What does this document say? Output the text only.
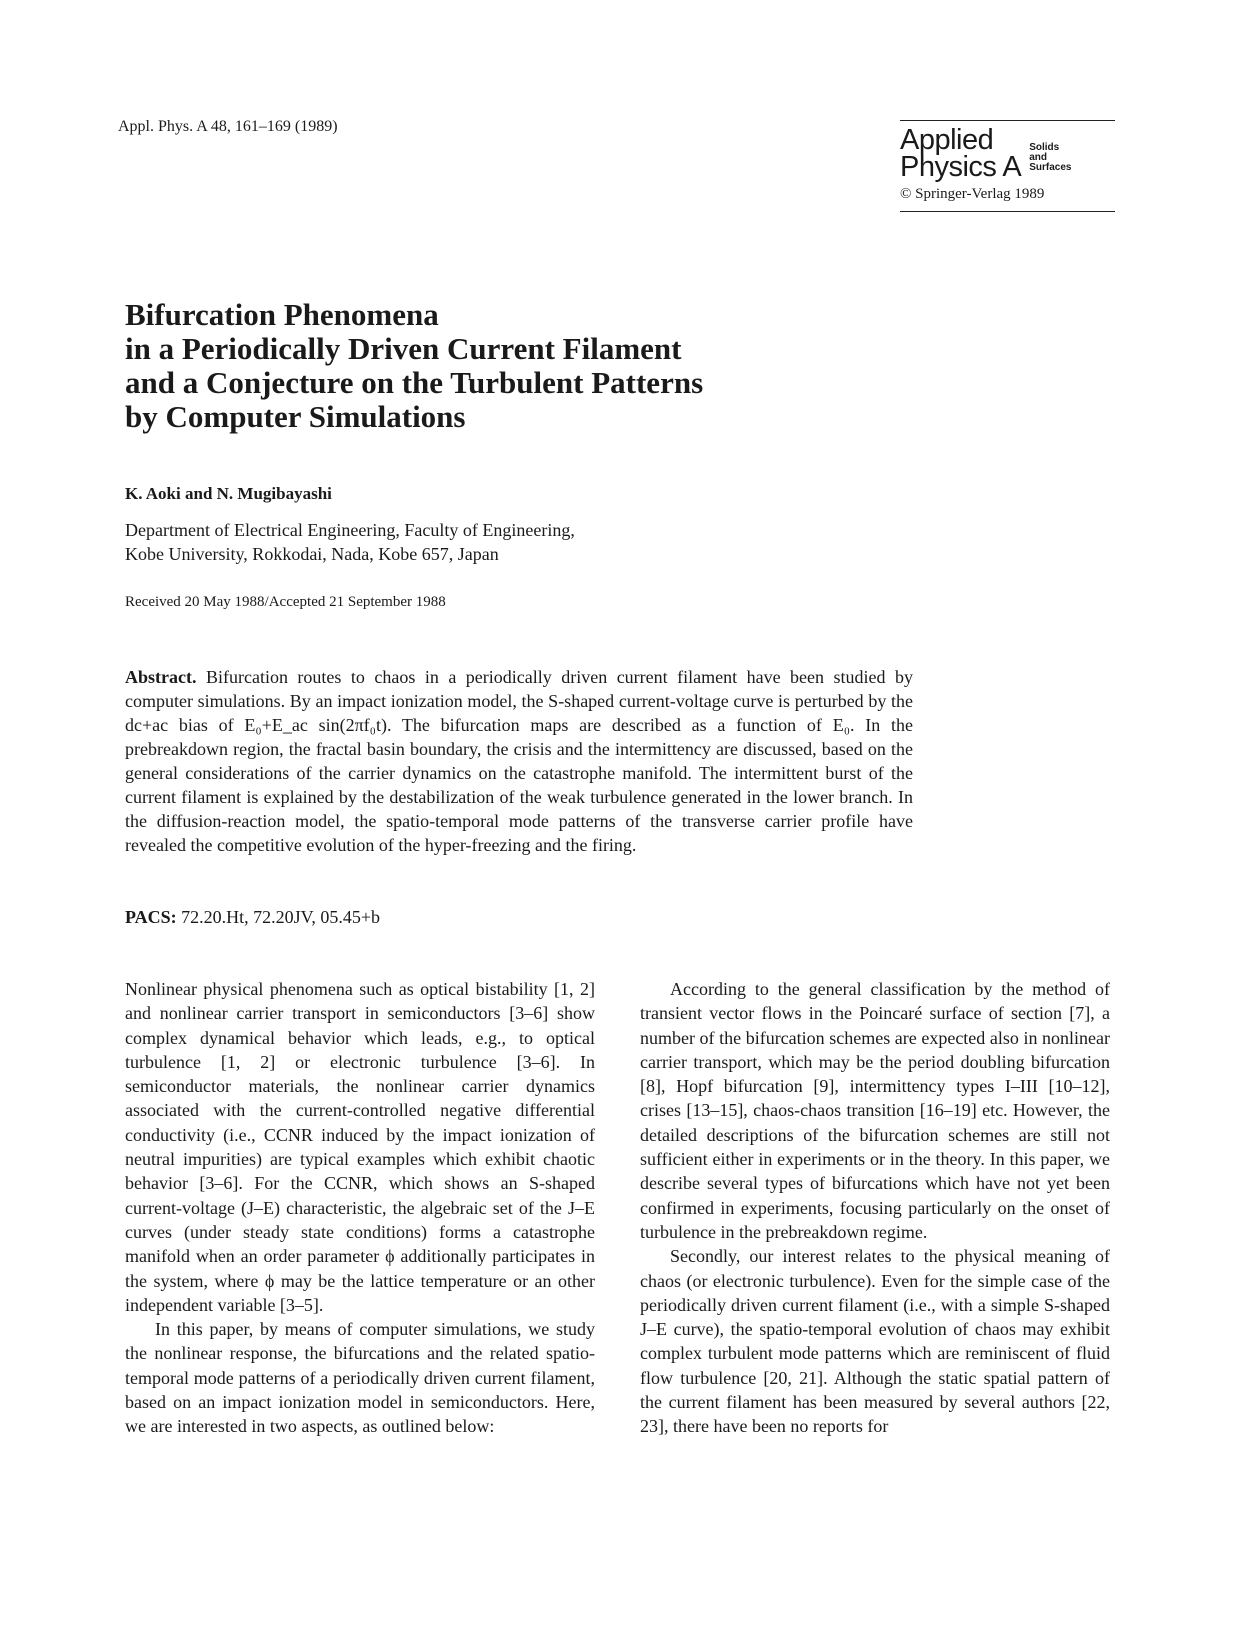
Appl. Phys. A 48, 161–169 (1989)	Applied
Physics A
Solids
and
Surfaces
© Springer-Verlag 1989
Bifurcation Phenomena
in a Periodically Driven Current Filament
and a Conjecture on the Turbulent Patterns
by Computer Simulations
K. Aoki and N. Mugibayashi
Department of Electrical Engineering, Faculty of Engineering,
Kobe University, Rokkodai, Nada, Kobe 657, Japan
Received 20 May 1988/Accepted 21 September 1988
Abstract. Bifurcation routes to chaos in a periodically driven current filament have been studied by computer simulations. By an impact ionization model, the S-shaped current-voltage curve is perturbed by the dc+ac bias of E₀+E_ac sin(2πf₀t). The bifurcation maps are described as a function of E₀. In the prebreakdown region, the fractal basin boundary, the crisis and the intermittency are discussed, based on the general considerations of the carrier dynamics on the catastrophe manifold. The intermittent burst of the current filament is explained by the destabilization of the weak turbulence generated in the lower branch. In the diffusion-reaction model, the spatio-temporal mode patterns of the transverse carrier profile have revealed the competitive evolution of the hyper-freezing and the firing.
PACS: 72.20.Ht, 72.20JV, 05.45+b

Nonlinear physical phenomena such as optical bistability [1, 2] and nonlinear carrier transport in semiconductors [3–6] show complex dynamical behavior which leads, e.g., to optical turbulence [1, 2] or electronic turbulence [3–6]. In semiconductor materials, the nonlinear carrier dynamics associated with the current-controlled negative differential conductivity (i.e., CCNR induced by the impact ionization of neutral impurities) are typical examples which exhibit chaotic behavior [3–6]. For the CCNR, which shows an S-shaped current-voltage (J–E) characteristic, the algebraic set of the J–E curves (under steady state conditions) forms a catastrophe manifold when an order parameter ϕ additionally participates in the system, where ϕ may be the lattice temperature or an other independent variable [3–5].

In this paper, by means of computer simulations, we study the nonlinear response, the bifurcations and the related spatio-temporal mode patterns of a periodically driven current filament, based on an impact ionization model in semiconductors. Here, we are interested in two aspects, as outlined below:

According to the general classification by the method of transient vector flows in the Poincaré surface of section [7], a number of the bifurcation schemes are expected also in nonlinear carrier transport, which may be the period doubling bifurcation [8], Hopf bifurcation [9], intermittency types I–III [10–12], crises [13–15], chaos-chaos transition [16–19] etc. However, the detailed descriptions of the bifurcation schemes are still not sufficient either in experiments or in the theory. In this paper, we describe several types of bifurcations which have not yet been confirmed in experiments, focusing particularly on the onset of turbulence in the prebreakdown regime.

Secondly, our interest relates to the physical meaning of chaos (or electronic turbulence). Even for the simple case of the periodically driven current filament (i.e., with a simple S-shaped J–E curve), the spatio-temporal evolution of chaos may exhibit complex turbulent mode patterns which are reminiscent of fluid flow turbulence [20, 21]. Although the static spatial pattern of the current filament has been measured by several authors [22, 23], there have been no reports for
